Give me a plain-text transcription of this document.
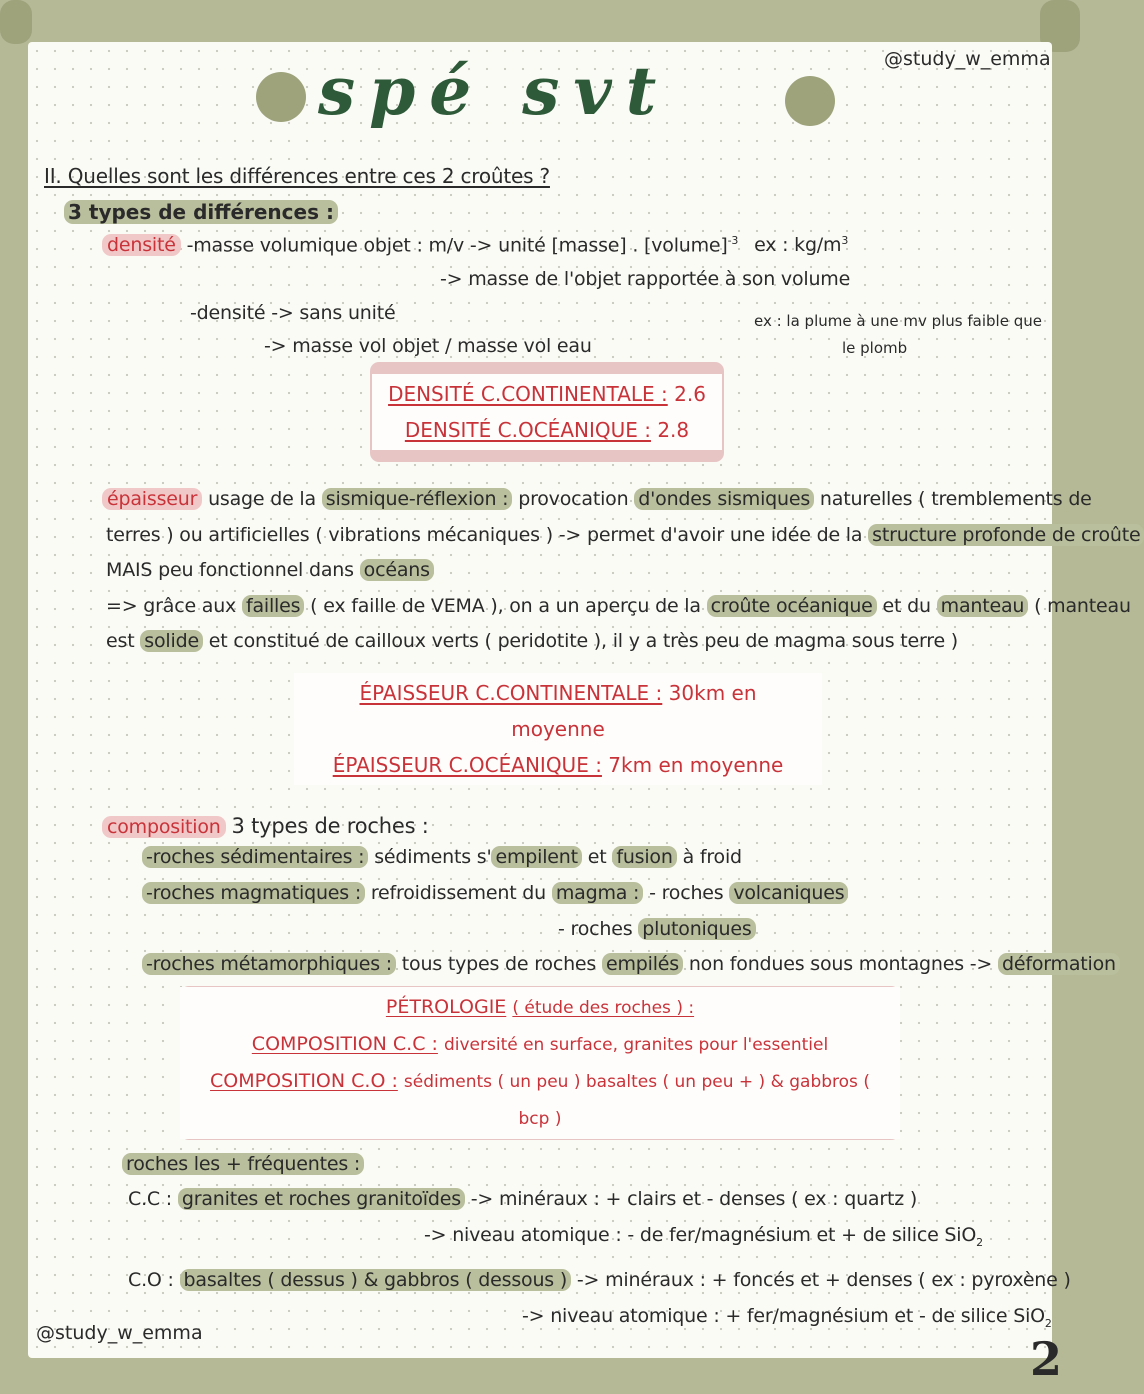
spé svt	@study_w_emma
II. Quelles sont les différences entre ces 2 croûtes ?
3 types de différences :
densité -masse volumique objet : m/v -> unité [masse] . [volume]$^{-3}$ ex : $kg/m^3$
-> masse de l'objet rapportée à son volume
-densité -> sans unité
-> masse vol objet / masse vol eau
ex : la plume à une mv plus faible que
le plomb
DENSITÉ C.CONTINENTALE : 2.6
DENSITÉ C.OCÉANIQUE : 2.8
épaisseur usage de la sismique-réflexion : provocation d'ondes sismiques naturelles ( tremblements de
terres ) ou artificielles ( vibrations mécaniques ) -> permet d'avoir une idée de la structure profonde de croûte
MAIS peu fonctionnel dans océans
=> grâce aux failles ( ex faille de VEMA ), on a un aperçu de la croûte océanique et du manteau ( manteau
est solide et constitué de cailloux verts ( peridotite ), il y a très peu de magma sous terre )
ÉPAISSEUR C.CONTINENTALE : 30km en moyenne
ÉPAISSEUR C.OCÉANIQUE : 7km en moyenne
composition 3 types de roches :
-roches sédimentaires : sédiments s' empilent et fusion à froid
-roches magmatiques : refroidissement du magma : - roches volcaniques
- roches plutoniques
-roches métamorphiques : tous types de roches empilés non fondues sous montagnes -> déformation
PÉTROLOGIE ( étude des roches ) :
COMPOSITION C.C : diversité en surface, granites pour l'essentiel
COMPOSITION C.O : sédiments ( un peu ) basaltes ( un peu + ) & gabbros ( bcp )
roches les + fréquentes :
C.C : granites et roches granitoïdes -> minéraux : + clairs et - denses ( ex : quartz )
-> niveau atomique : - de fer/magnésium et + de silice SiO$_2$
C.O : basaltes ( dessus ) & gabbros ( dessous ) -> minéraux : + foncés et + denses ( ex : pyroxène )
-> niveau atomique : + fer/magnésium et - de silice SiO$_2$
@study_w_emma	2
